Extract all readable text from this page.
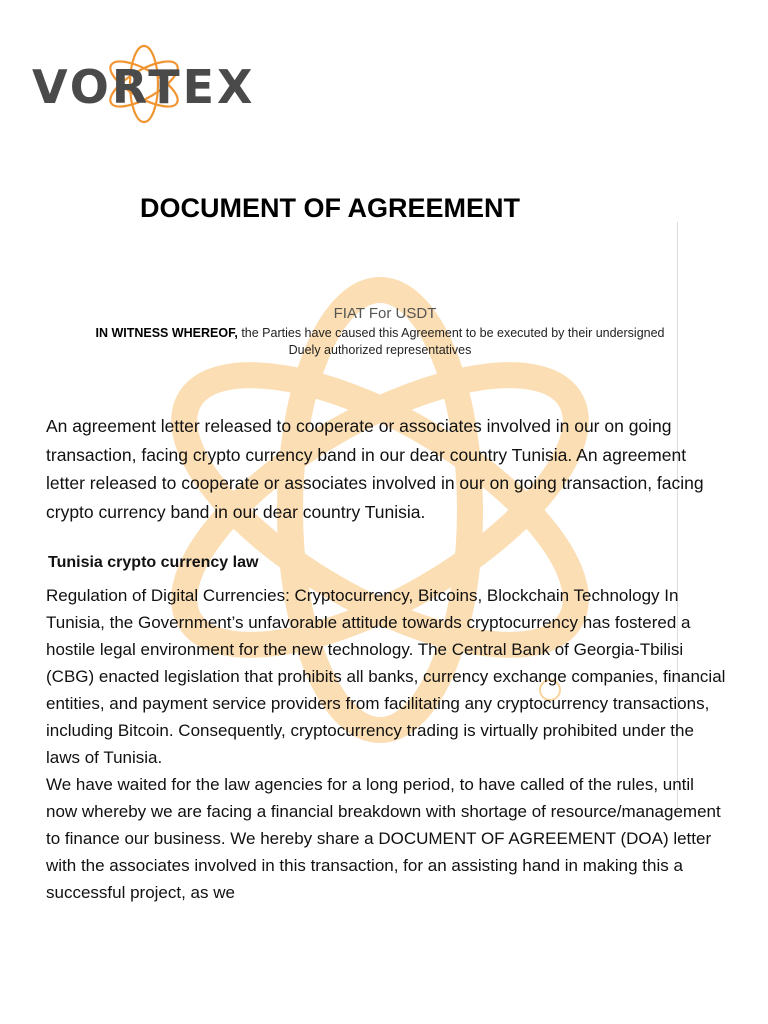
VORTEX
DOCUMENT OF AGREEMENT
FIAT For USDT
IN WITNESS WHEREOF, the Parties have caused this Agreement to be executed by their undersigned Duely authorized representatives

An agreement letter released to cooperate or associates involved in our on going transaction, facing crypto currency band in our dear country Tunisia. An agreement letter released to cooperate or associates involved in our on going transaction, facing crypto currency band in our dear country Tunisia.

Tunisia crypto currency law

Regulation of Digital Currencies: Cryptocurrency, Bitcoins, Blockchain Technology In Tunisia, the Government’s unfavorable attitude towards cryptocurrency has fostered a hostile legal environment for the new technology. The Central Bank of Georgia-Tbilisi (CBG) enacted legislation that prohibits all banks, currency exchange companies, financial entities, and payment service providers from facilitating any cryptocurrency transactions, including Bitcoin. Consequently, cryptocurrency trading is virtually prohibited under the laws of Tunisia.

We have waited for the law agencies for a long period, to have called of the rules, until now whereby we are facing a financial breakdown with shortage of resource/management to finance our business. We hereby share a DOCUMENT OF AGREEMENT (DOA) letter with the associates involved in this transaction, for an assisting hand in making this a successful project, as we
